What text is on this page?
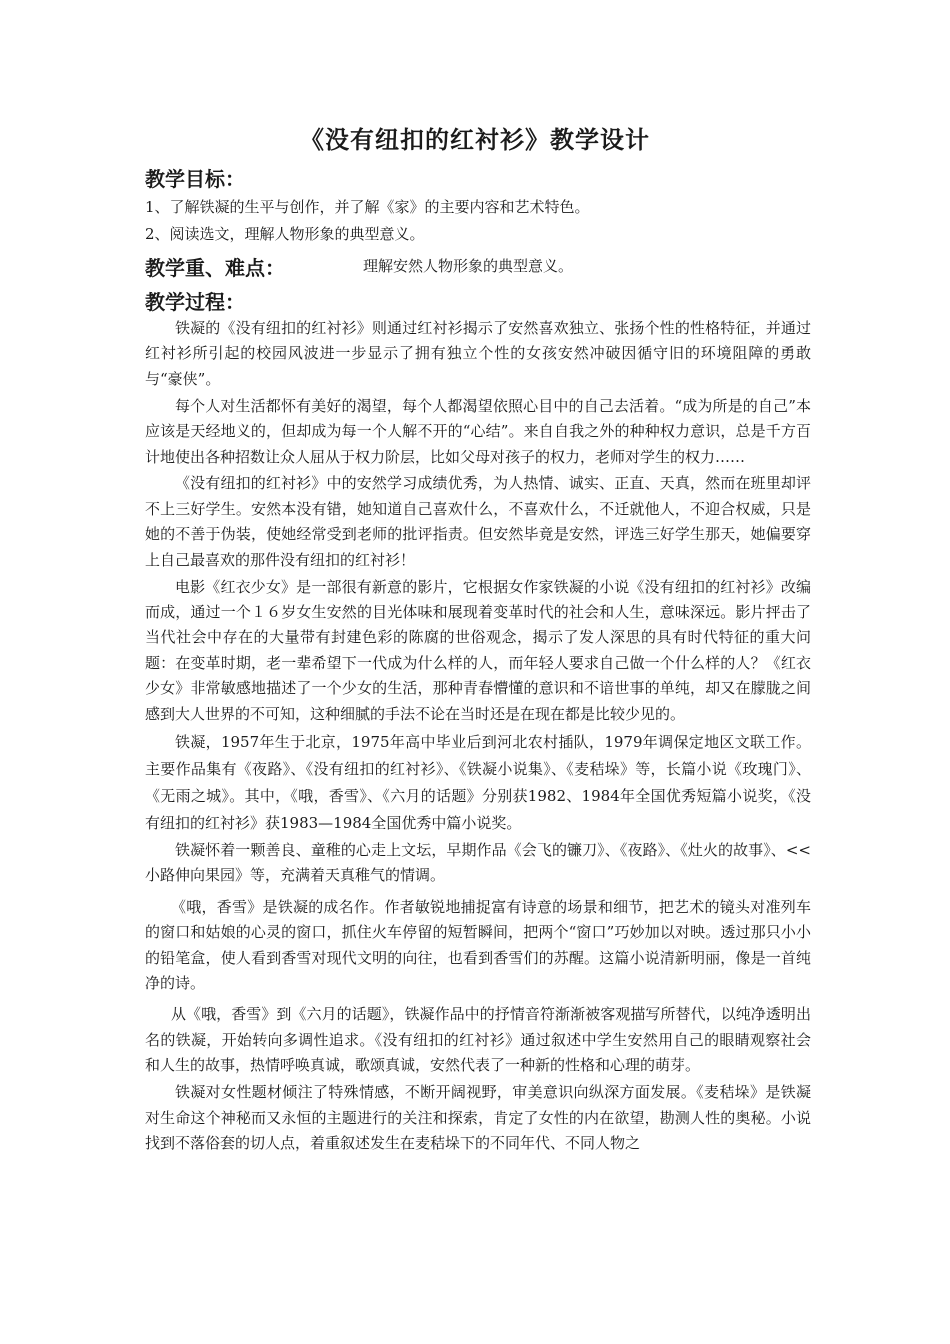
《没有纽扣的红衬衫》教学设计
教学目标：
1、了解铁凝的生平与创作，并了解《家》的主要内容和艺术特色。
2、阅读选文，理解人物形象的典型意义。
教学重、难点：	理解安然人物形象的典型意义。
教学过程：

铁凝的《没有纽扣的红衬衫》则通过红衬衫揭示了安然喜欢独立、张扬个性的性格特征，并通过红衬衫所引起的校园风波进一步显示了拥有独立个性的女孩安然冲破因循守旧的环境阻障的勇敢与“豪侠”。

每个人对生活都怀有美好的渴望，每个人都渴望依照心目中的自己去活着。“成为所是的自己”本应该是天经地义的，但却成为每一个人解不开的“心结”。来自自我之外的种种权力意识，总是千方百计地使出各种招数让众人屈从于权力阶层，比如父母对孩子的权力，老师对学生的权力……

《没有纽扣的红衬衫》中的安然学习成绩优秀，为人热情、诚实、正直、天真，然而在班里却评不上三好学生。安然本没有错，她知道自己喜欢什么，不喜欢什么，不迁就他人，不迎合权威，只是她的不善于伪装，使她经常受到老师的批评指责。但安然毕竟是安然，评选三好学生那天，她偏要穿上自己最喜欢的那件没有纽扣的红衬衫！

电影《红衣少女》是一部很有新意的影片，它根据女作家铁凝的小说《没有纽扣的红衬衫》改编而成，通过一个１６岁女生安然的目光体味和展现着变革时代的社会和人生，意味深远。影片抨击了当代社会中存在的大量带有封建色彩的陈腐的世俗观念，揭示了发人深思的具有时代特征的重大问题：在变革时期，老一辈希望下一代成为什么样的人，而年轻人要求自己做一个什么样的人？《红衣少女》非常敏感地描述了一个少女的生活，那种青春懵懂的意识和不谙世事的单纯，却又在朦胧之间感到大人世界的不可知，这种细腻的手法不论在当时还是在现在都是比较少见的。

铁凝，1957年生于北京，1975年高中毕业后到河北农村插队，1979年调保定地区文联工作。主要作品集有《夜路》、《没有纽扣的红衬衫》、《铁凝小说集》、《麦秸垛》等，长篇小说《玫瑰门》、《无雨之城》。其中，《哦，香雪》、《六月的话题》分别获1982、1984年全国优秀短篇小说奖，《没有纽扣的红衬衫》获1983—1984全国优秀中篇小说奖。

铁凝怀着一颗善良、童稚的心走上文坛，早期作品《会飞的镰刀》、《夜路》、《灶火的故事》、<<小路伸向果园》等，充满着天真稚气的情调。

《哦，香雪》是铁凝的成名作。作者敏锐地捕捉富有诗意的场景和细节，把艺术的镜头对准列车的窗口和姑娘的心灵的窗口，抓住火车停留的短暂瞬间，把两个“窗口”巧妙加以对映。透过那只小小的铅笔盒，使人看到香雪对现代文明的向往，也看到香雪们的苏醒。这篇小说清新明丽，像是一首纯净的诗。

从《哦，香雪》到《六月的话题》，铁凝作品中的抒情音符渐渐被客观描写所替代，以纯净透明出名的铁凝，开始转向多调性追求。《没有纽扣的红衬衫》通过叙述中学生安然用自己的眼睛观察社会和人生的故事，热情呼唤真诚，歌颂真诚，安然代表了一种新的性格和心理的萌芽。

铁凝对女性题材倾注了特殊情感，不断开阔视野，审美意识向纵深方面发展。《麦秸垛》是铁凝对生命这个神秘而又永恒的主题进行的关注和探索，肯定了女性的内在欲望，勘测人性的奥秘。小说找到不落俗套的切人点，着重叙述发生在麦秸垛下的不同年代、不同人物之
